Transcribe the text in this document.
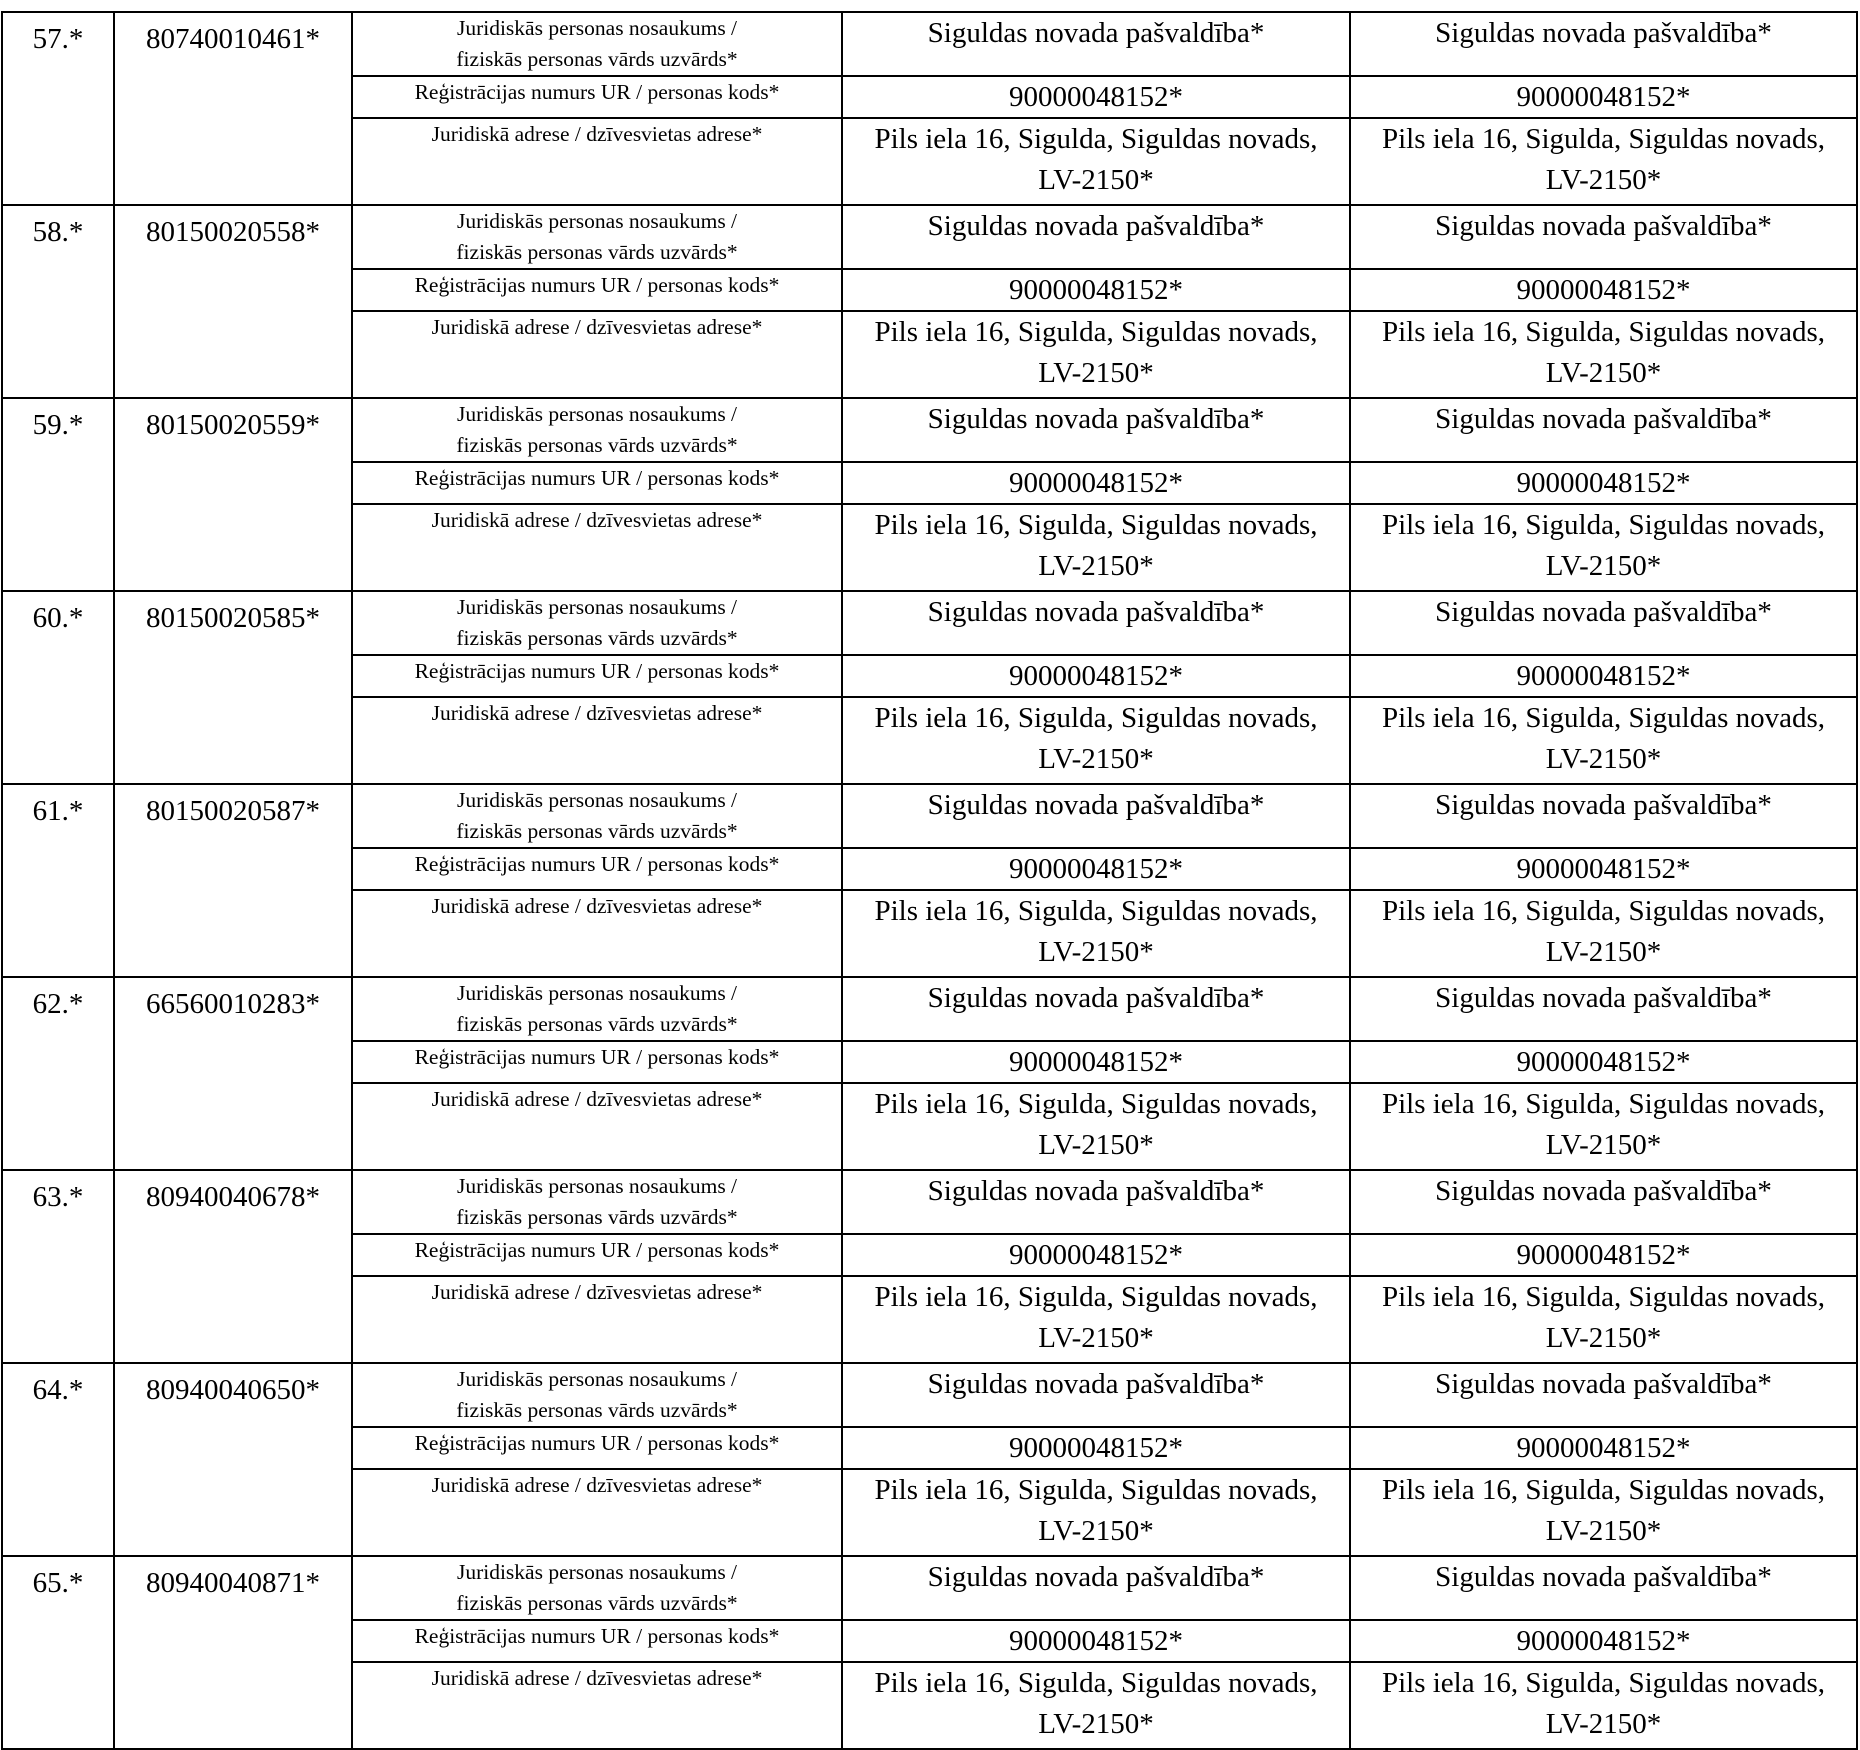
57.*	80740010461*	Juridiskās personas nosaukums /
fiziskās personas vārds uzvārds*	Siguldas novada pašvaldība*	Siguldas novada pašvaldība*
		Reģistrācijas numurs UR / personas kods*	90000048152*	90000048152*
		Juridiskā adrese / dzīvesvietas adrese*	Pils iela 16, Sigulda, Siguldas novads,
LV-2150*	Pils iela 16, Sigulda, Siguldas novads,
LV-2150*

58.*	80150020558*	Juridiskās personas nosaukums /
fiziskās personas vārds uzvārds*	Siguldas novada pašvaldība*	Siguldas novada pašvaldība*
		Reģistrācijas numurs UR / personas kods*	90000048152*	90000048152*
		Juridiskā adrese / dzīvesvietas adrese*	Pils iela 16, Sigulda, Siguldas novads,
LV-2150*	Pils iela 16, Sigulda, Siguldas novads,
LV-2150*

59.*	80150020559*	Juridiskās personas nosaukums /
fiziskās personas vārds uzvārds*	Siguldas novada pašvaldība*	Siguldas novada pašvaldība*
		Reģistrācijas numurs UR / personas kods*	90000048152*	90000048152*
		Juridiskā adrese / dzīvesvietas adrese*	Pils iela 16, Sigulda, Siguldas novads,
LV-2150*	Pils iela 16, Sigulda, Siguldas novads,
LV-2150*

60.*	80150020585*	Juridiskās personas nosaukums /
fiziskās personas vārds uzvārds*	Siguldas novada pašvaldība*	Siguldas novada pašvaldība*
		Reģistrācijas numurs UR / personas kods*	90000048152*	90000048152*
		Juridiskā adrese / dzīvesvietas adrese*	Pils iela 16, Sigulda, Siguldas novads,
LV-2150*	Pils iela 16, Sigulda, Siguldas novads,
LV-2150*

61.*	80150020587*	Juridiskās personas nosaukums /
fiziskās personas vārds uzvārds*	Siguldas novada pašvaldība*	Siguldas novada pašvaldība*
		Reģistrācijas numurs UR / personas kods*	90000048152*	90000048152*
		Juridiskā adrese / dzīvesvietas adrese*	Pils iela 16, Sigulda, Siguldas novads,
LV-2150*	Pils iela 16, Sigulda, Siguldas novads,
LV-2150*

62.*	66560010283*	Juridiskās personas nosaukums /
fiziskās personas vārds uzvārds*	Siguldas novada pašvaldība*	Siguldas novada pašvaldība*
		Reģistrācijas numurs UR / personas kods*	90000048152*	90000048152*
		Juridiskā adrese / dzīvesvietas adrese*	Pils iela 16, Sigulda, Siguldas novads,
LV-2150*	Pils iela 16, Sigulda, Siguldas novads,
LV-2150*

63.*	80940040678*	Juridiskās personas nosaukums /
fiziskās personas vārds uzvārds*	Siguldas novada pašvaldība*	Siguldas novada pašvaldība*
		Reģistrācijas numurs UR / personas kods*	90000048152*	90000048152*
		Juridiskā adrese / dzīvesvietas adrese*	Pils iela 16, Sigulda, Siguldas novads,
LV-2150*	Pils iela 16, Sigulda, Siguldas novads,
LV-2150*

64.*	80940040650*	Juridiskās personas nosaukums /
fiziskās personas vārds uzvārds*	Siguldas novada pašvaldība*	Siguldas novada pašvaldība*
		Reģistrācijas numurs UR / personas kods*	90000048152*	90000048152*
		Juridiskā adrese / dzīvesvietas adrese*	Pils iela 16, Sigulda, Siguldas novads,
LV-2150*	Pils iela 16, Sigulda, Siguldas novads,
LV-2150*

65.*	80940040871*	Juridiskās personas nosaukums /
fiziskās personas vārds uzvārds*	Siguldas novada pašvaldība*	Siguldas novada pašvaldība*
		Reģistrācijas numurs UR / personas kods*	90000048152*	90000048152*
		Juridiskā adrese / dzīvesvietas adrese*	Pils iela 16, Sigulda, Siguldas novads,
LV-2150*	Pils iela 16, Sigulda, Siguldas novads,
LV-2150*
